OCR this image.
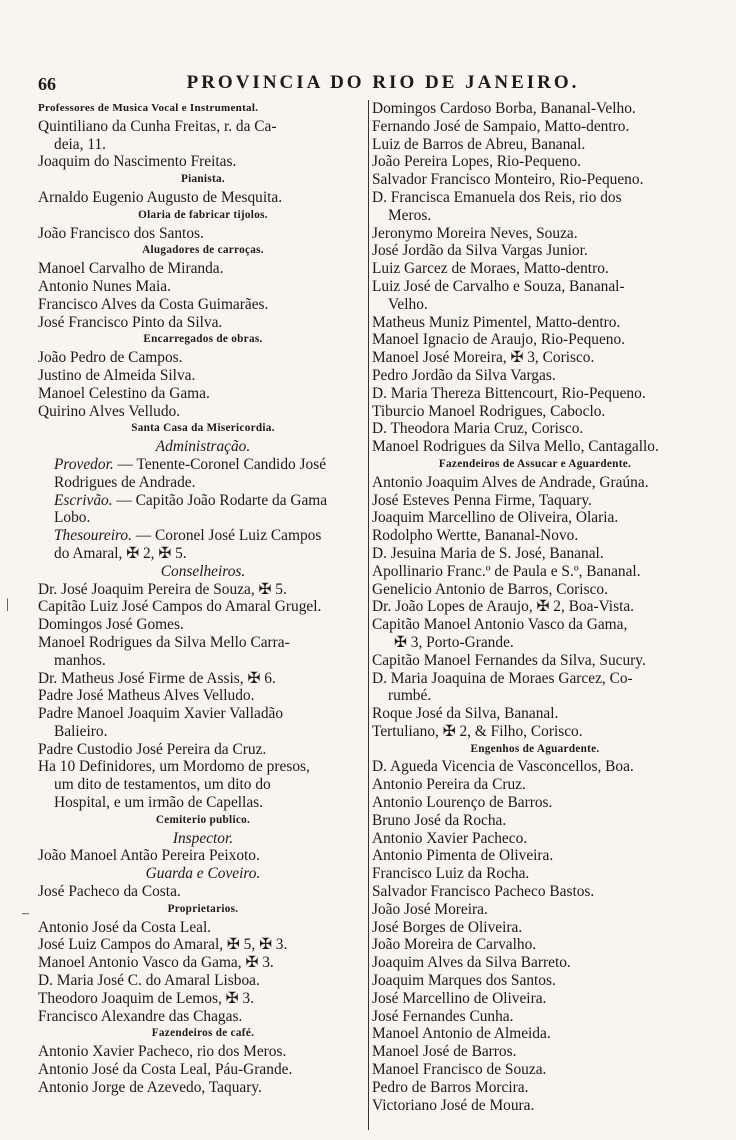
66	PROVINCIA DO RIO DE JANEIRO.
|
–
Professores de Musica Vocal e Instrumental.
Quintiliano da Cunha Freitas, r. da Ca-
deia, 11.
Joaquim do Nascimento Freitas.
Pianista.
Arnaldo Eugenio Augusto de Mesquita.
Olaria de fabricar tijolos.
João Francisco dos Santos.
Alugadores de carroças.
Manoel Carvalho de Miranda.
Antonio Nunes Maia.
Francisco Alves da Costa Guimarães.
José Francisco Pinto da Silva.
Encarregados de obras.
João Pedro de Campos.
Justino de Almeida Silva.
Manoel Celestino da Gama.
Quirino Alves Velludo.
Santa Casa da Misericordia.
Administração.
Provedor. — Tenente-Coronel Candido José
Rodrigues de Andrade.
Escrivão. — Capitão João Rodarte da Gama
Lobo.
Thesoureiro. — Coronel José Luiz Campos
do Amaral, ✠ 2, ✠ 5.
Conselheiros.
Dr. José Joaquim Pereira de Souza, ✠ 5.
Capitão Luiz José Campos do Amaral Grugel.
Domingos José Gomes.
Manoel Rodrigues da Silva Mello Carra-
manhos.
Dr. Matheus José Firme de Assis, ✠ 6.
Padre José Matheus Alves Velludo.
Padre Manoel Joaquim Xavier Valladão
Balieiro.
Padre Custodio José Pereira da Cruz.
Ha 10 Definidores, um Mordomo de presos,
um dito de testamentos, um dito do
Hospital, e um irmão de Capellas.
Cemiterio publico.
Inspector.
João Manoel Antão Pereira Peixoto.
Guarda e Coveiro.
José Pacheco da Costa.
Proprietarios.
Antonio José da Costa Leal.
José Luiz Campos do Amaral, ✠ 5, ✠ 3.
Manoel Antonio Vasco da Gama, ✠ 3.
D. Maria José C. do Amaral Lisboa.
Theodoro Joaquim de Lemos, ✠ 3.
Francisco Alexandre das Chagas.
Fazendeiros de café.
Antonio Xavier Pacheco, rio dos Meros.
Antonio José da Costa Leal, Páu-Grande.
Antonio Jorge de Azevedo, Taquary.
Domingos Cardoso Borba, Bananal-Velho.
Fernando José de Sampaio, Matto-dentro.
Luiz de Barros de Abreu, Bananal.
João Pereira Lopes, Rio-Pequeno.
Salvador Francisco Monteiro, Rio-Pequeno.
D. Francisca Emanuela dos Reis, rio dos
Meros.
Jeronymo Moreira Neves, Souza.
José Jordão da Silva Vargas Junior.
Luiz Garcez de Moraes, Matto-dentro.
Luiz José de Carvalho e Souza, Bananal-
Velho.
Matheus Muniz Pimentel, Matto-dentro.
Manoel Ignacio de Araujo, Rio-Pequeno.
Manoel José Moreira, ✠ 3, Corisco.
Pedro Jordão da Silva Vargas.
D. Maria Thereza Bittencourt, Rio-Pequeno.
Tiburcio Manoel Rodrigues, Caboclo.
D. Theodora Maria Cruz, Corisco.
Manoel Rodrigues da Silva Mello, Cantagallo.
Fazendeiros de Assucar e Aguardente.
Antonio Joaquim Alves de Andrade, Graúna.
José Esteves Penna Firme, Taquary.
Joaquim Marcellino de Oliveira, Olaria.
Rodolpho Wertte, Bananal-Novo.
D. Jesuina Maria de S. José, Bananal.
Apollinario Franc.º de Paula e S.º, Bananal.
Genelicio Antonio de Barros, Corisco.
Dr. João Lopes de Araujo, ✠ 2, Boa-Vista.
Capitão Manoel Antonio Vasco da Gama,
✠ 3, Porto-Grande.
Capitão Manoel Fernandes da Silva, Sucury.
D. Maria Joaquina de Moraes Garcez, Co-
rumbé.
Roque José da Silva, Bananal.
Tertuliano, ✠ 2, & Filho, Corisco.
Engenhos de Aguardente.
D. Agueda Vicencia de Vasconcellos, Boa.
Antonio Pereira da Cruz.
Antonio Lourenço de Barros.
Bruno José da Rocha.
Antonio Xavier Pacheco.
Antonio Pimenta de Oliveira.
Francisco Luiz da Rocha.
Salvador Francisco Pacheco Bastos.
João José Moreira.
José Borges de Oliveira.
João Moreira de Carvalho.
Joaquim Alves da Silva Barreto.
Joaquim Marques dos Santos.
José Marcellino de Oliveira.
José Fernandes Cunha.
Manoel Antonio de Almeida.
Manoel José de Barros.
Manoel Francisco de Souza.
Pedro de Barros Morcira.
Victoriano José de Moura.
